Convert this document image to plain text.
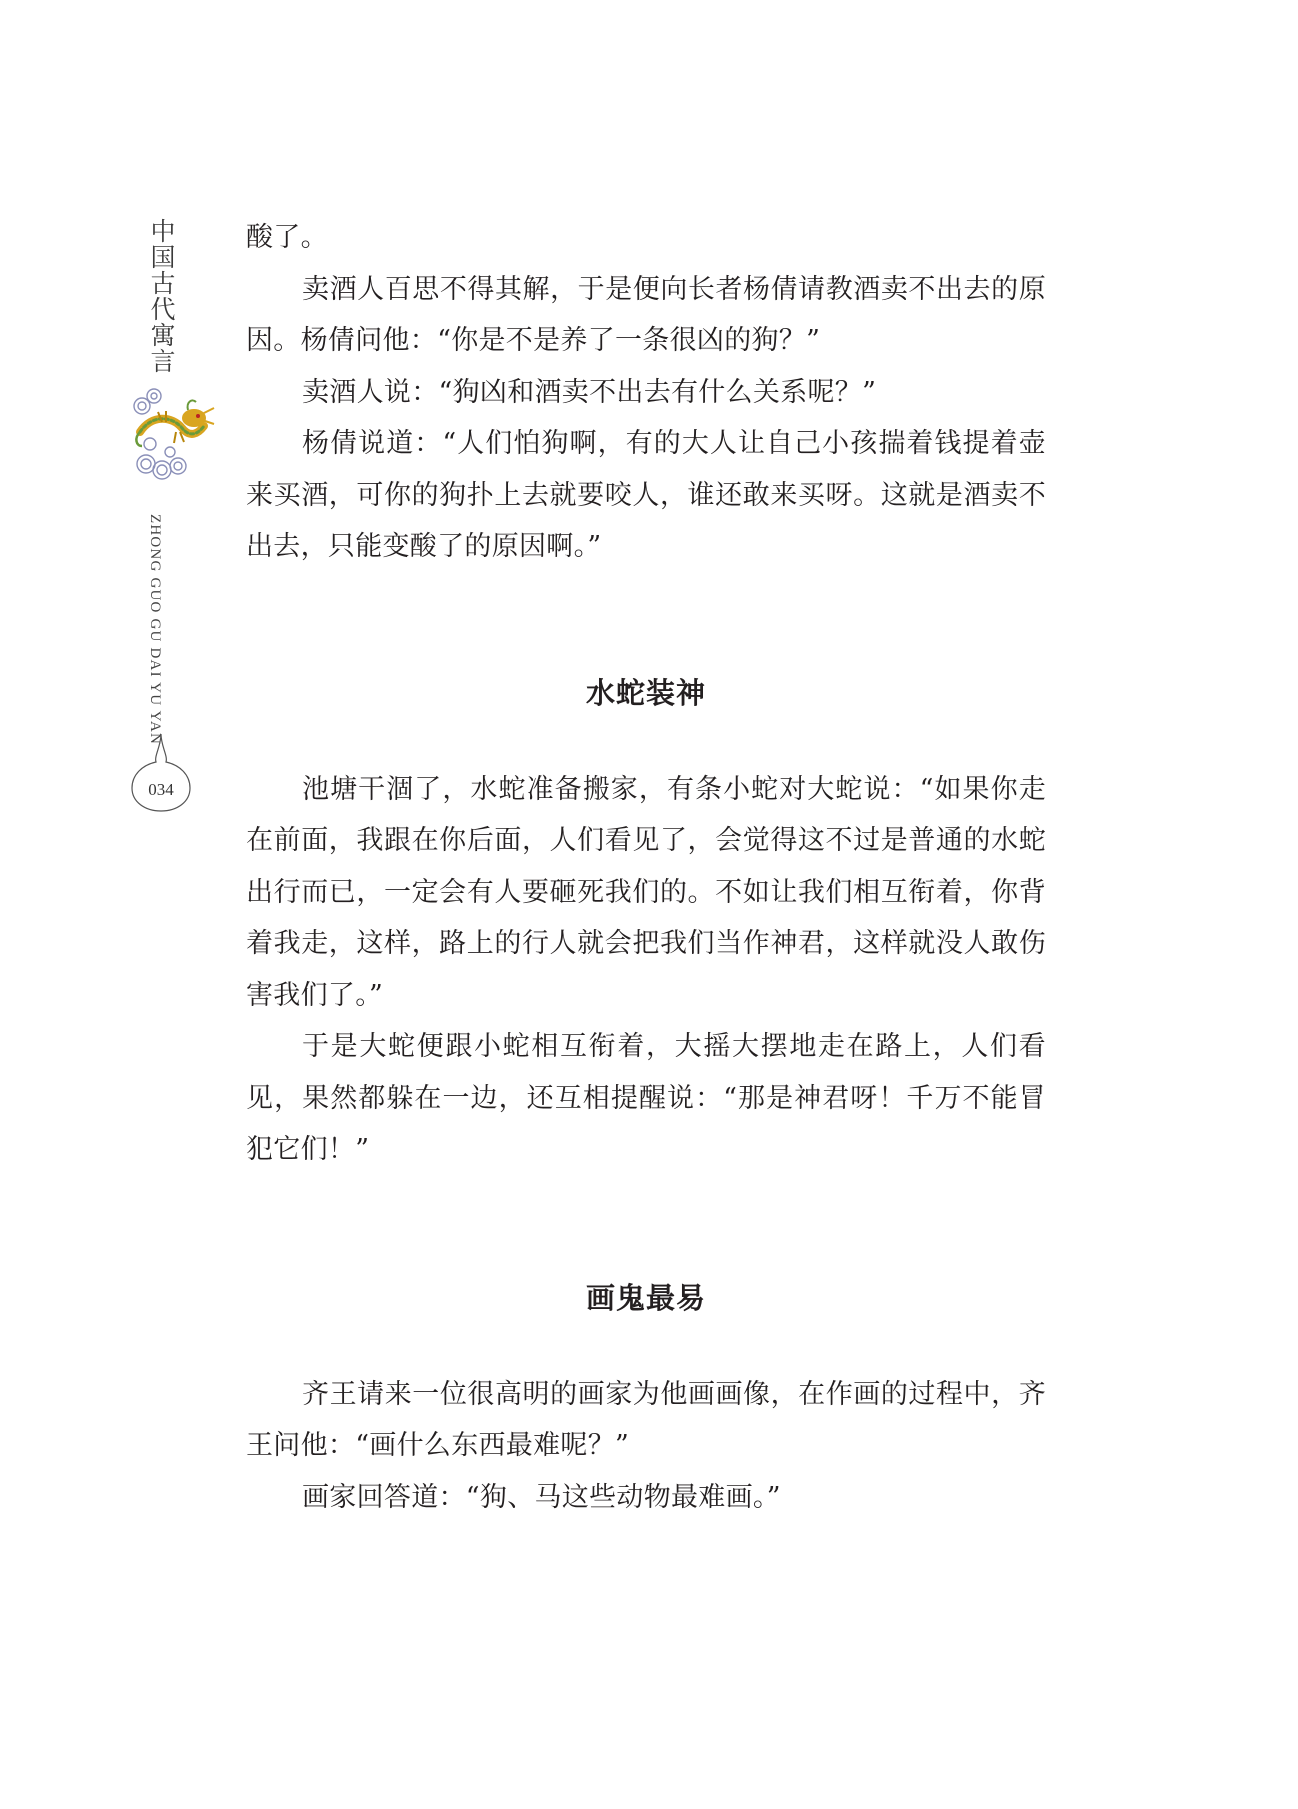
中国古代寓言
ZHONG GUO GU DAI YU YAN
034

酸了。

卖酒人百思不得其解，于是便向长者杨倩请教酒卖不出去的原因。杨倩问他：“你是不是养了一条很凶的狗？”

卖酒人说：“狗凶和酒卖不出去有什么关系呢？”

杨倩说道：“人们怕狗啊，有的大人让自己小孩揣着钱提着壶来买酒，可你的狗扑上去就要咬人，谁还敢来买呀。这就是酒卖不出去，只能变酸了的原因啊。”

水蛇装神

池塘干涸了，水蛇准备搬家，有条小蛇对大蛇说：“如果你走在前面，我跟在你后面，人们看见了，会觉得这不过是普通的水蛇出行而已，一定会有人要砸死我们的。不如让我们相互衔着，你背着我走，这样，路上的行人就会把我们当作神君，这样就没人敢伤害我们了。”

于是大蛇便跟小蛇相互衔着，大摇大摆地走在路上，人们看见，果然都躲在一边，还互相提醒说：“那是神君呀！千万不能冒犯它们！”

画鬼最易

齐王请来一位很高明的画家为他画画像，在作画的过程中，齐王问他：“画什么东西最难呢？”

画家回答道：“狗、马这些动物最难画。”
